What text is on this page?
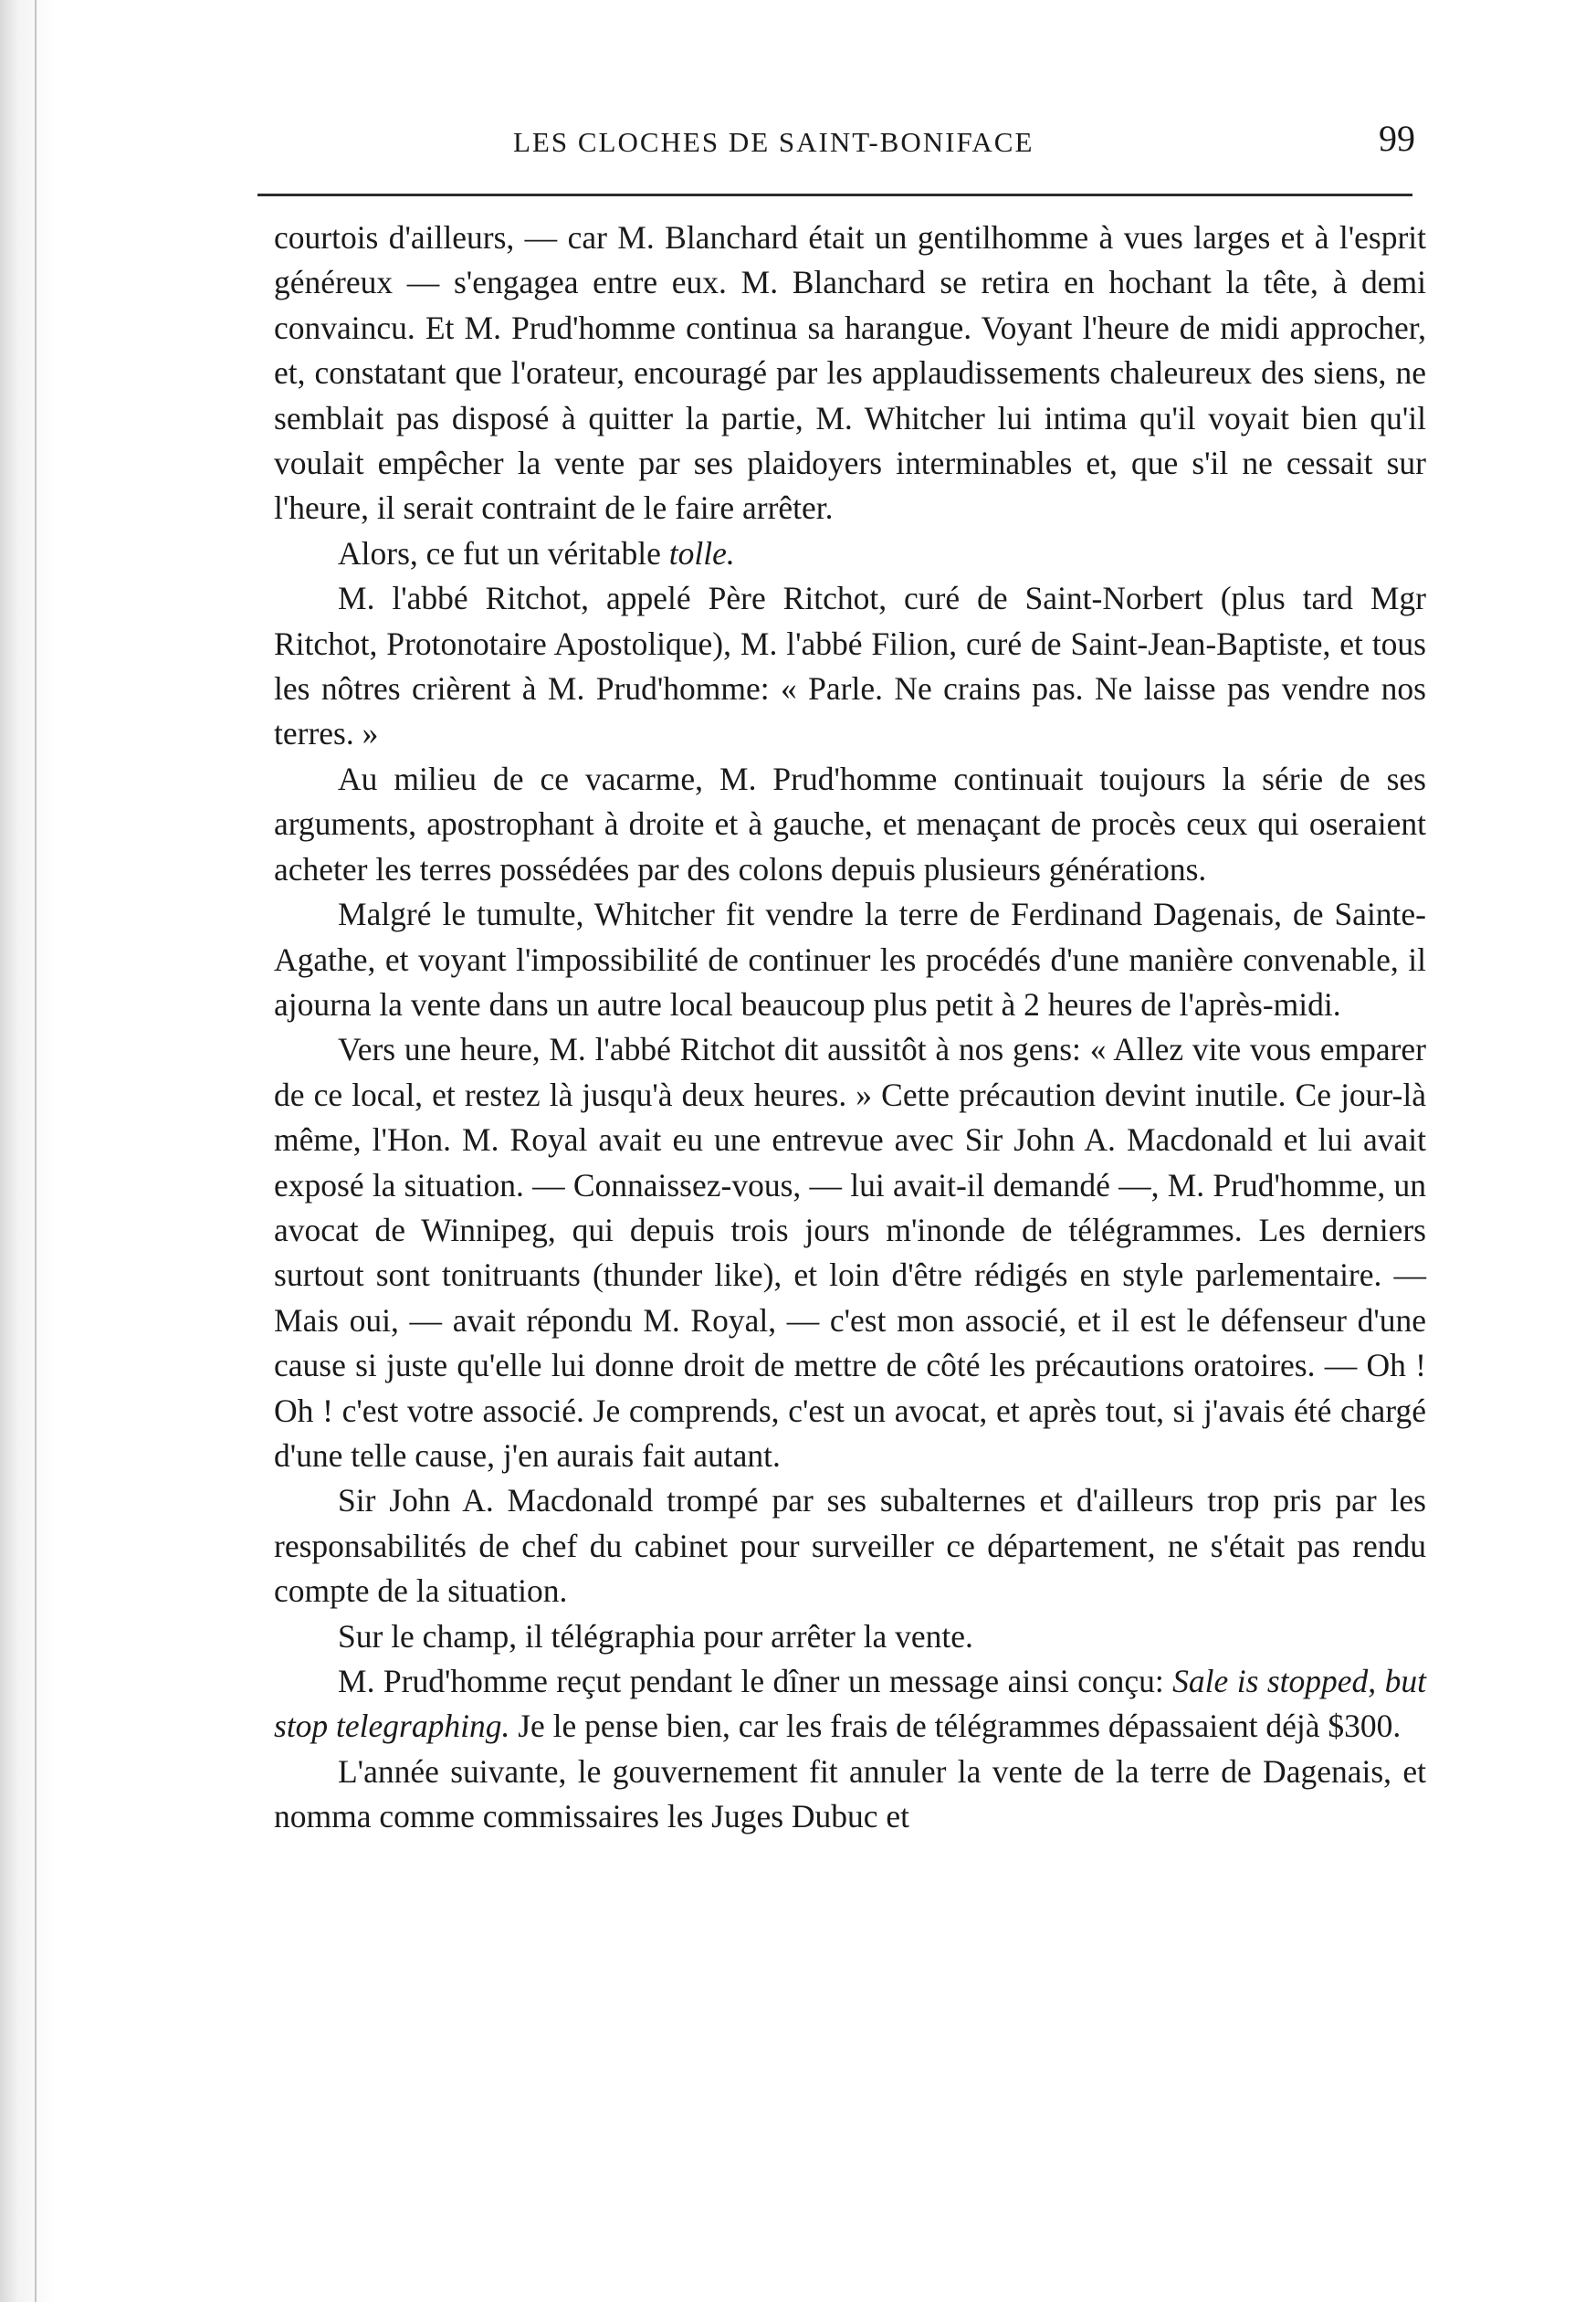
LES CLOCHES DE SAINT-BONIFACE	99

courtois d'ailleurs, — car M. Blanchard était un gentilhomme à vues larges et à l'esprit généreux — s'engagea entre eux. M. Blanchard se retira en hochant la tête, à demi convaincu. Et M. Prud'homme continua sa harangue. Voyant l'heure de midi approcher, et, constatant que l'orateur, encouragé par les applaudissements chaleureux des siens, ne semblait pas disposé à quitter la partie, M. Whitcher lui intima qu'il voyait bien qu'il voulait empêcher la vente par ses plaidoyers interminables et, que s'il ne cessait sur l'heure, il serait contraint de le faire arrêter.

Alors, ce fut un véritable tolle.

M. l'abbé Ritchot, appelé Père Ritchot, curé de Saint-Norbert (plus tard Mgr Ritchot, Protonotaire Apostolique), M. l'abbé Filion, curé de Saint-Jean-Baptiste, et tous les nôtres crièrent à M. Prud'homme: « Parle. Ne crains pas. Ne laisse pas vendre nos terres. »

Au milieu de ce vacarme, M. Prud'homme continuait toujours la série de ses arguments, apostrophant à droite et à gauche, et menaçant de procès ceux qui oseraient acheter les terres possédées par des colons depuis plusieurs générations.

Malgré le tumulte, Whitcher fit vendre la terre de Ferdinand Dagenais, de Sainte-Agathe, et voyant l'impossibilité de continuer les procédés d'une manière convenable, il ajourna la vente dans un autre local beaucoup plus petit à 2 heures de l'après-midi.

Vers une heure, M. l'abbé Ritchot dit aussitôt à nos gens: « Allez vite vous emparer de ce local, et restez là jusqu'à deux heures. » Cette précaution devint inutile. Ce jour-là même, l'Hon. M. Royal avait eu une entrevue avec Sir John A. Macdonald et lui avait exposé la situation. — Connaissez-vous, — lui avait-il demandé —, M. Prud'homme, un avocat de Winnipeg, qui depuis trois jours m'inonde de télégrammes. Les derniers surtout sont tonitruants (thunder like), et loin d'être rédigés en style parlementaire. — Mais oui, — avait répondu M. Royal, — c'est mon associé, et il est le défenseur d'une cause si juste qu'elle lui donne droit de mettre de côté les précautions oratoires. — Oh ! Oh ! c'est votre associé. Je comprends, c'est un avocat, et après tout, si j'avais été chargé d'une telle cause, j'en aurais fait autant.

Sir John A. Macdonald trompé par ses subalternes et d'ailleurs trop pris par les responsabilités de chef du cabinet pour surveiller ce département, ne s'était pas rendu compte de la situation.

Sur le champ, il télégraphia pour arrêter la vente.

M. Prud'homme reçut pendant le dîner un message ainsi conçu: Sale is stopped, but stop telegraphing. Je le pense bien, car les frais de télégrammes dépassaient déjà $300.

L'année suivante, le gouvernement fit annuler la vente de la terre de Dagenais, et nomma comme commissaires les Juges Dubuc et
